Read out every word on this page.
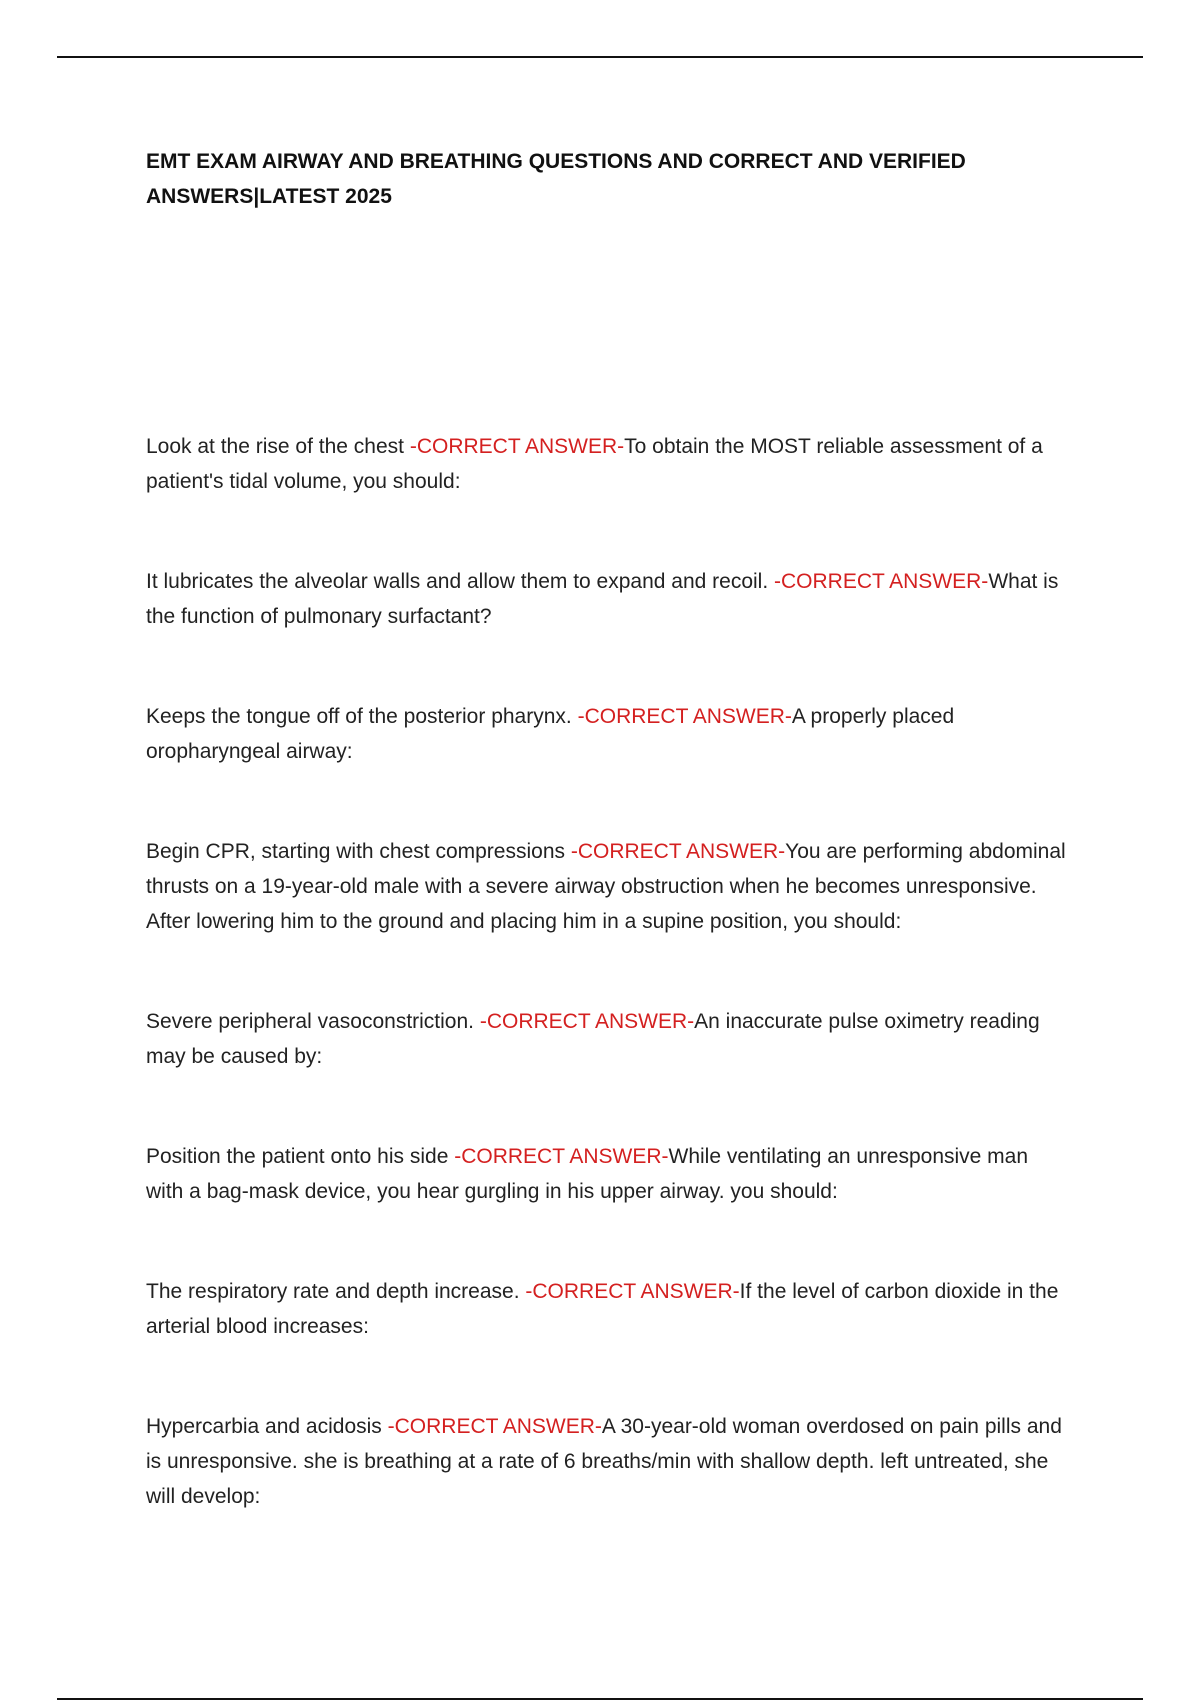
EMT EXAM AIRWAY AND BREATHING QUESTIONS AND CORRECT AND VERIFIED ANSWERS|LATEST 2025

Look at the rise of the chest -CORRECT ANSWER-To obtain the MOST reliable assessment of a patient's tidal volume, you should:

It lubricates the alveolar walls and allow them to expand and recoil. -CORRECT ANSWER-What is the function of pulmonary surfactant?

Keeps the tongue off of the posterior pharynx. -CORRECT ANSWER-A properly placed oropharyngeal airway:

Begin CPR, starting with chest compressions -CORRECT ANSWER-You are performing abdominal thrusts on a 19-year-old male with a severe airway obstruction when he becomes unresponsive. After lowering him to the ground and placing him in a supine position, you should:

Severe peripheral vasoconstriction. -CORRECT ANSWER-An inaccurate pulse oximetry reading may be caused by:

Position the patient onto his side -CORRECT ANSWER-While ventilating an unresponsive man with a bag-mask device, you hear gurgling in his upper airway. you should:

The respiratory rate and depth increase. -CORRECT ANSWER-If the level of carbon dioxide in the arterial blood increases:

Hypercarbia and acidosis -CORRECT ANSWER-A 30-year-old woman overdosed on pain pills and is unresponsive. she is breathing at a rate of 6 breaths/min with shallow depth. left untreated, she will develop:
